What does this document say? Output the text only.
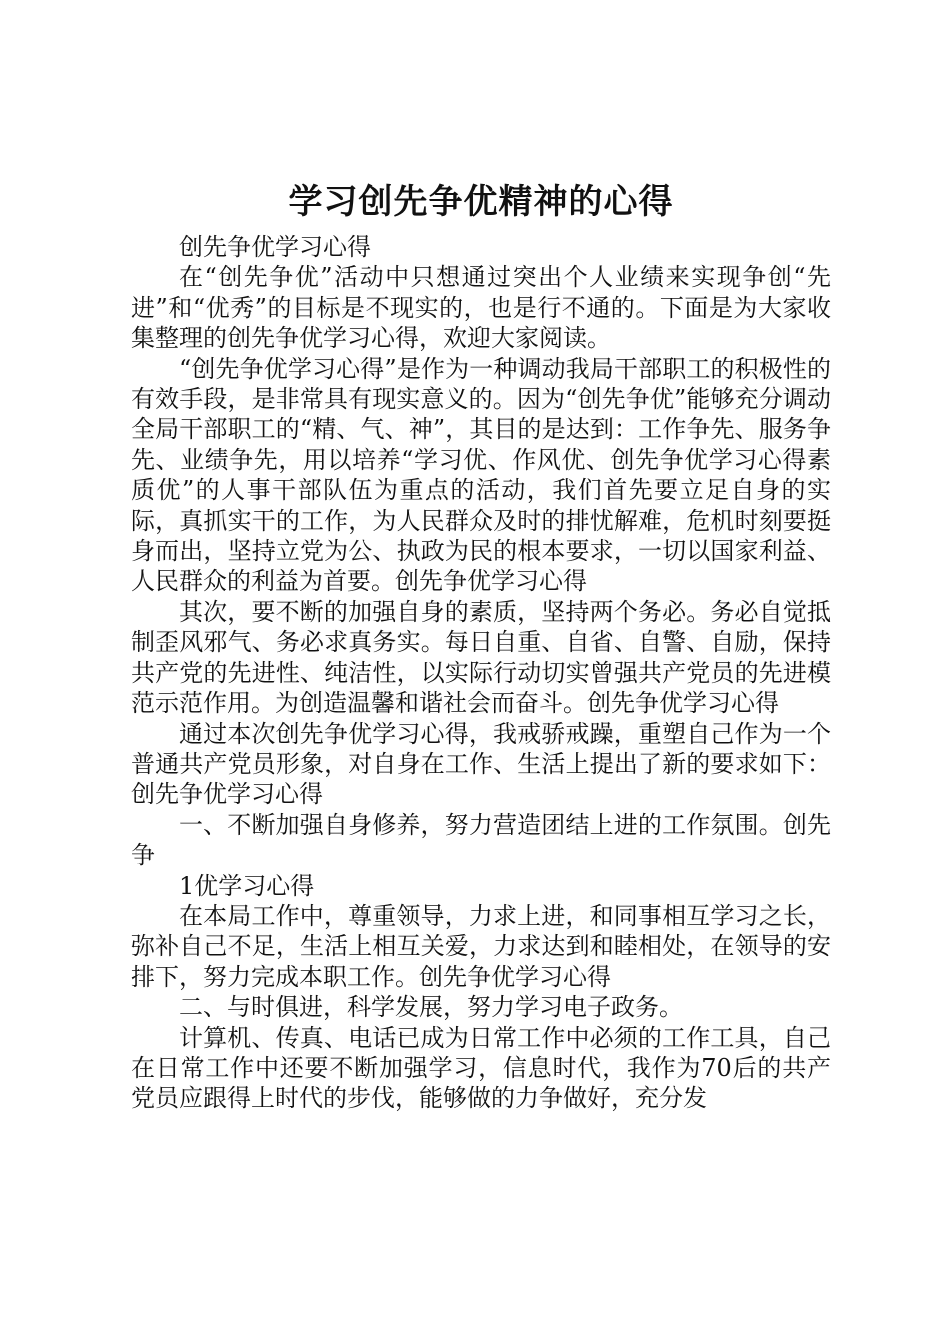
学习创先争优精神的心得

创先争优学习心得

在“创先争优”活动中只想通过突出个人业绩来实现争创“先进”和“优秀”的目标是不现实的，也是行不通的。下面是为大家收集整理的创先争优学习心得，欢迎大家阅读。

“创先争优学习心得”是作为一种调动我局干部职工的积极性的有效手段，是非常具有现实意义的。因为“创先争优”能够充分调动全局干部职工的“精、气、神”，其目的是达到：工作争先、服务争先、业绩争先，用以培养“学习优、作风优、创先争优学习心得素质优”的人事干部队伍为重点的活动，我们首先要立足自身的实际，真抓实干的工作，为人民群众及时的排忧解难，危机时刻要挺身而出，坚持立党为公、执政为民的根本要求，一切以国家利益、人民群众的利益为首要。创先争优学习心得

其次，要不断的加强自身的素质，坚持两个务必。务必自觉抵制歪风邪气、务必求真务实。每日自重、自省、自警、自励，保持共产党的先进性、纯洁性，以实际行动切实曾强共产党员的先进模范示范作用。为创造温馨和谐社会而奋斗。创先争优学习心得

通过本次创先争优学习心得，我戒骄戒躁，重塑自己作为一个普通共产党员形象，对自身在工作、生活上提出了新的要求如下：创先争优学习心得

一、不断加强自身修养，努力营造团结上进的工作氛围。创先争

1优学习心得

在本局工作中，尊重领导，力求上进，和同事相互学习之长，弥补自己不足，生活上相互关爱，力求达到和睦相处，在领导的安排下，努力完成本职工作。创先争优学习心得

二、与时俱进，科学发展，努力学习电子政务。

计算机、传真、电话已成为日常工作中必须的工作工具，自己在日常工作中还要不断加强学习，信息时代，我作为70后的共产党员应跟得上时代的步伐，能够做的力争做好，充分发
